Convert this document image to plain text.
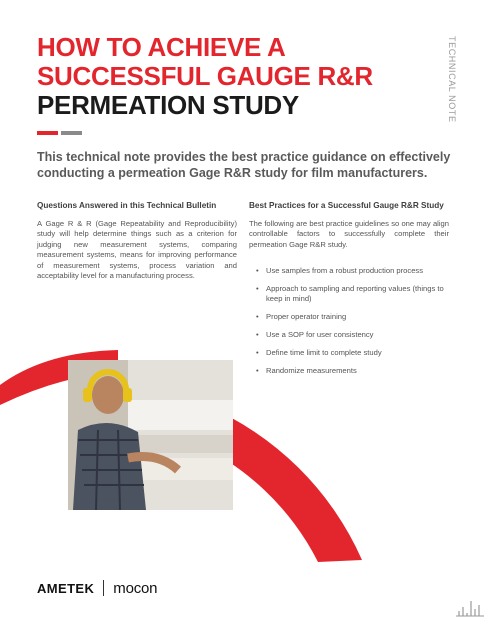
HOW TO ACHIEVE A
SUCCESSFUL GAUGE R&R
PERMEATION STUDY	TECHNICAL NOTE
This technical note provides the best practice guidance on effectively conducting a permeation Gage R&R study for film manufacturers.
Questions Answered in this Technical Bulletin
A Gage R & R (Gage Repeatability and Reproducibility) study will help determine things such as a criterion for judging new measurement systems, comparing measurement systems, means for improving performance of measurement systems, process variation and acceptability level for a manufacturing process.
Best Practices for a Successful Gauge R&R Study
The following are best practice guidelines so one may align controllable factors to successfully complete their permeation Gage R&R study.
• Use samples from a robust production process
• Approach to sampling and reporting values (things to keep in mind)
• Proper operator training
• Use a SOP for user consistency
• Define time limit to complete study
• Randomize measurements
AMETEK mocon
